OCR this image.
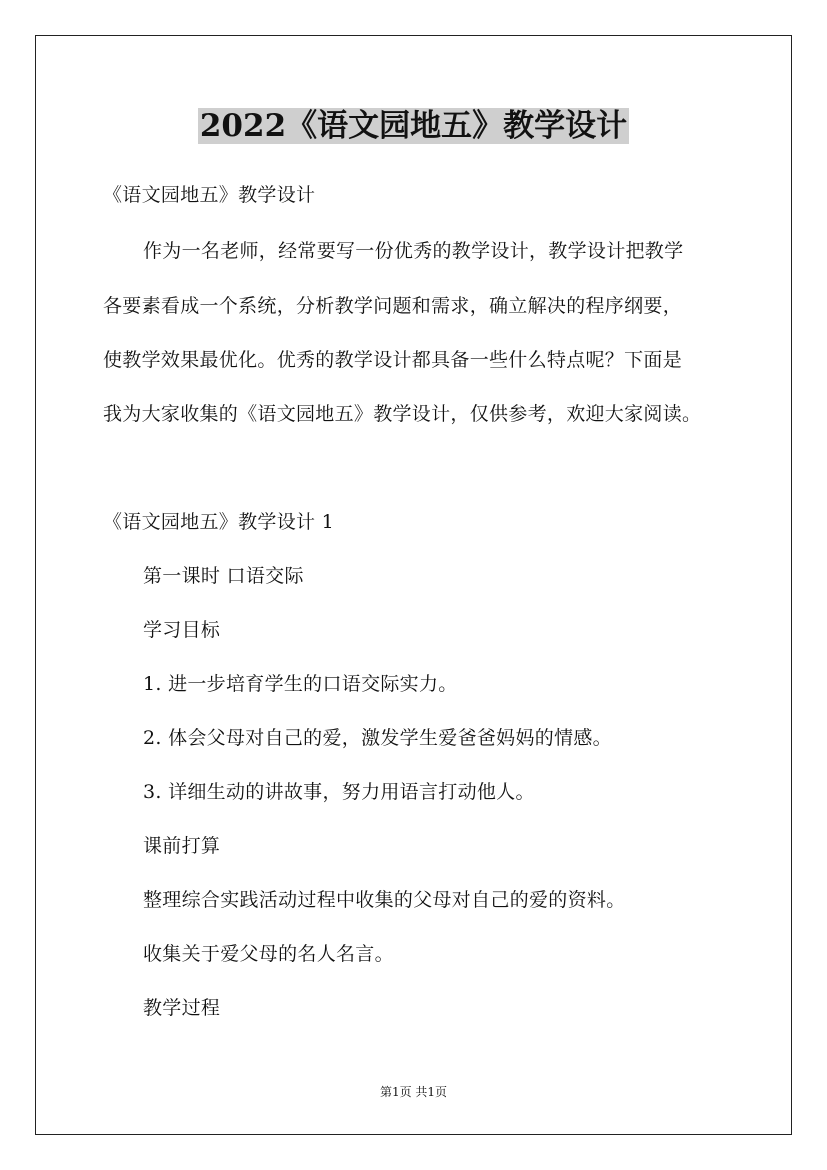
2022《语文园地五》教学设计
《语文园地五》教学设计
作为一名老师，经常要写一份优秀的教学设计，教学设计把教学
各要素看成一个系统，分析教学问题和需求，确立解决的程序纲要，
使教学效果最优化。优秀的教学设计都具备一些什么特点呢？下面是
我为大家收集的《语文园地五》教学设计，仅供参考，欢迎大家阅读。
《语文园地五》教学设计 1
第一课时 口语交际
学习目标
1. 进一步培育学生的口语交际实力。
2. 体会父母对自己的爱，激发学生爱爸爸妈妈的情感。
3. 详细生动的讲故事，努力用语言打动他人。
课前打算
整理综合实践活动过程中收集的父母对自己的爱的资料。
收集关于爱父母的名人名言。
教学过程
第1页 共1页
